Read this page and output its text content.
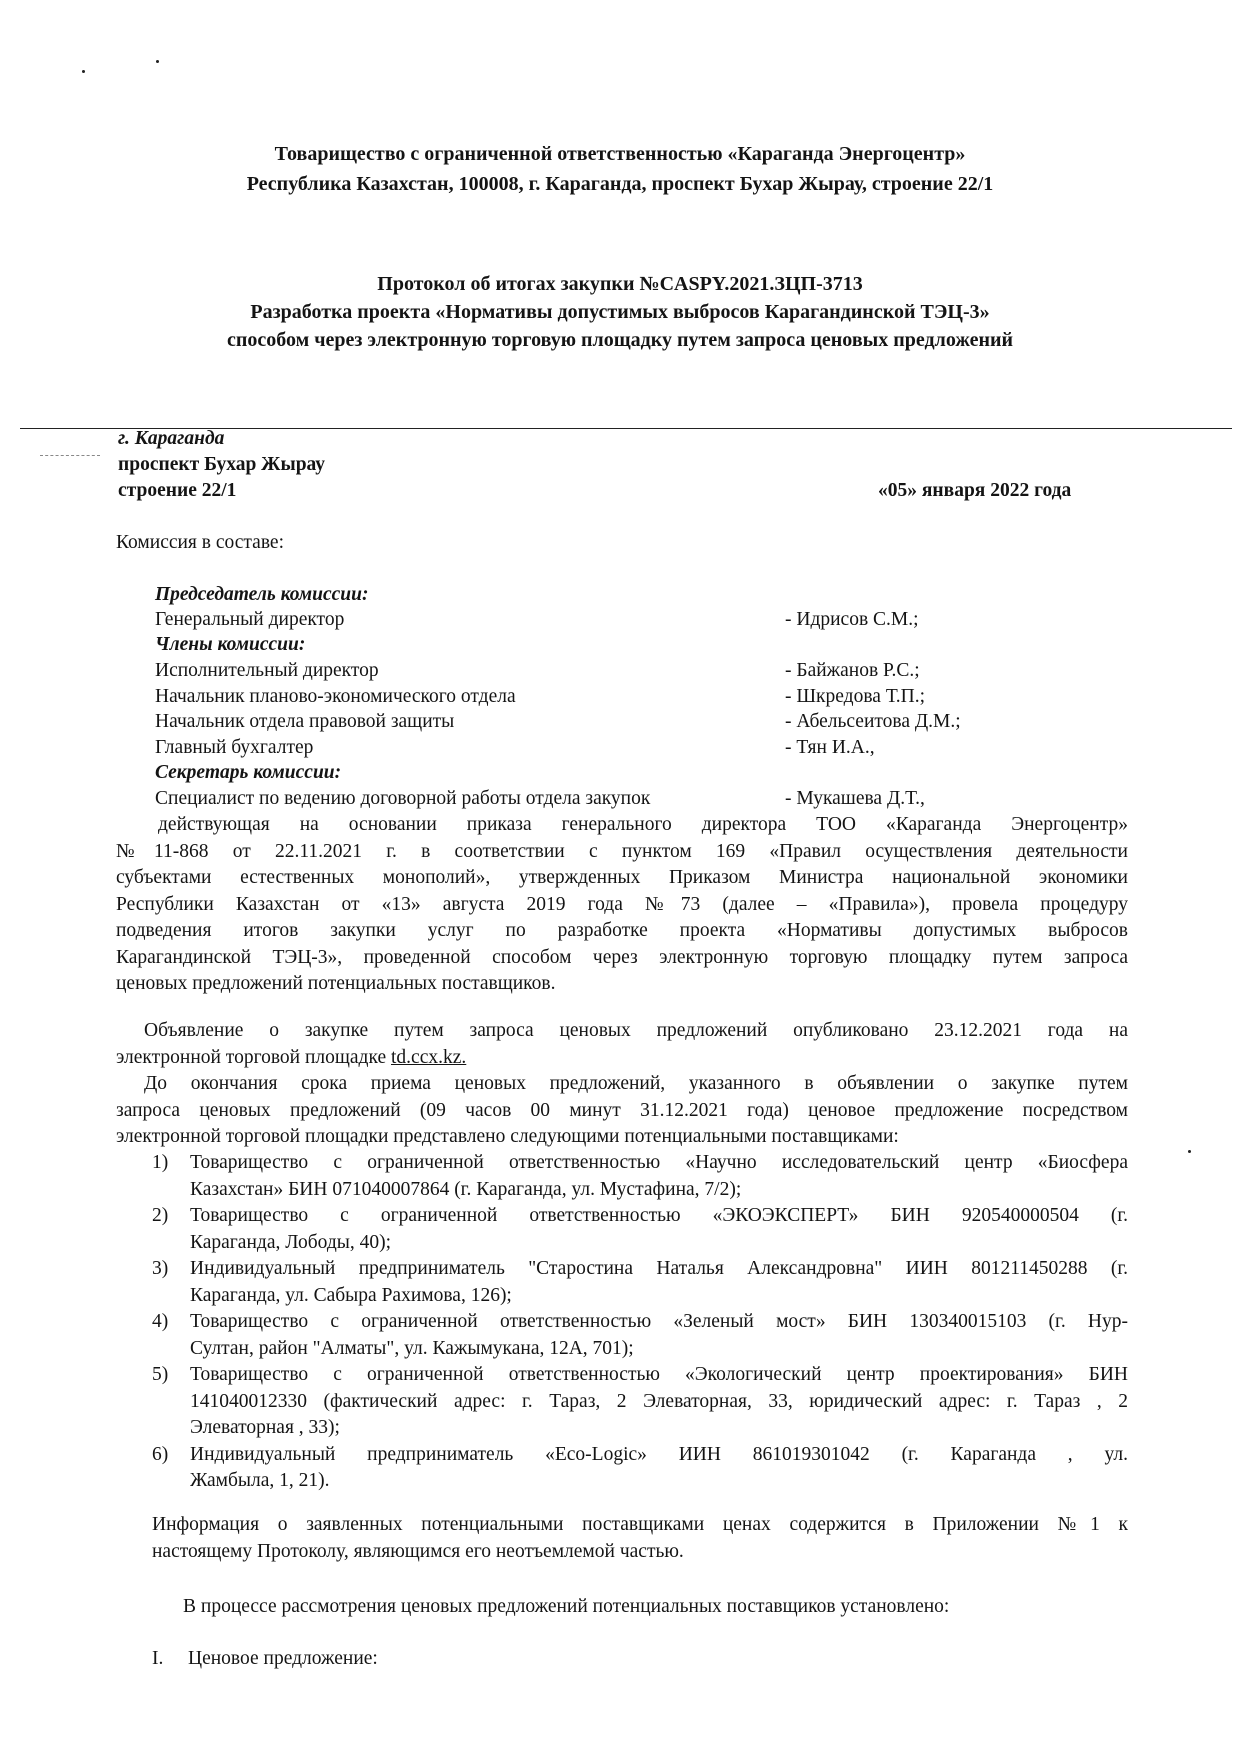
Товарищество с ограниченной ответственностью «Караганда Энергоцентр»
Республика Казахстан, 100008, г. Караганда, проспект Бухар Жырау, строение 22/1
Протокол об итогах закупки №CASPY.2021.ЗЦП-3713
Разработка проекта «Нормативы допустимых выбросов Карагандинской ТЭЦ-3»
способом через электронную торговую площадку путем запроса ценовых предложений
г. Караганда
проспект Бухар Жырау
строение 22/1	«05» января 2022 года
Комиссия в составе:
Председатель комиссии:
Генеральный директор	- Идрисов С.М.;
Члены комиссии:
Исполнительный директор	- Байжанов Р.С.;
Начальник планово-экономического отдела	- Шкредова Т.П.;
Начальник отдела правовой защиты	- Абельсеитова Д.М.;
Главный бухгалтер	- Тян И.А.,
Секретарь комиссии:
Специалист по ведению договорной работы отдела закупок	- Мукашева Д.Т.,
действующая на основании приказа генерального директора ТОО «Караганда Энергоцентр»
№11-868 от 22.11.2021 г. в соответствии с пунктом 169 «Правил осуществления деятельности
субъектами естественных монополий», утвержденных Приказом Министра национальной экономики
Республики Казахстан от «13» августа 2019 года №73 (далее – «Правила»), провела процедуру
подведения итогов закупки услуг по разработке проекта «Нормативы допустимых выбросов
Карагандинской ТЭЦ-3», проведенной способом через электронную торговую площадку путем запроса
ценовых предложений потенциальных поставщиков.
Объявление о закупке путем запроса ценовых предложений опубликовано 23.12.2021 года на
электронной торговой площадке td.ccx.kz.
До окончания срока приема ценовых предложений, указанного в объявлении о закупке путем
запроса ценовых предложений (09 часов 00 минут 31.12.2021 года) ценовое предложение посредством
электронной торговой площадки представлено следующими потенциальными поставщиками:
1) Товарищество с ограниченной ответственностью «Научно исследовательский центр «Биосфера
Казахстан» БИН 071040007864 (г. Караганда, ул. Мустафина, 7/2);
2) Товарищество с ограниченной ответственностью «ЭКОЭКСПЕРТ» БИН 920540000504 (г.
Караганда, Лободы, 40);
3) Индивидуальный предприниматель "Старостина Наталья Александровна" ИИН 801211450288 (г.
Караганда, ул. Сабыра Рахимова, 126);
4) Товарищество с ограниченной ответственностью «Зеленый мост» БИН 130340015103 (г. Нур-
Султан, район "Алматы", ул. Кажымукана, 12А, 701);
5) Товарищество с ограниченной ответственностью «Экологический центр проектирования» БИН
141040012330 (фактический адрес: г. Тараз, 2 Элеваторная, 33, юридический адрес: г. Тараз , 2
Элеваторная , 33);
6) Индивидуальный предприниматель «Eco-Logic» ИИН 861019301042 (г. Караганда , ул.
Жамбыла, 1, 21).
Информация о заявленных потенциальными поставщиками ценах содержится в Приложении №1 к
настоящему Протоколу, являющимся его неотъемлемой частью.
В процессе рассмотрения ценовых предложений потенциальных поставщиков установлено:
I. Ценовое предложение:
